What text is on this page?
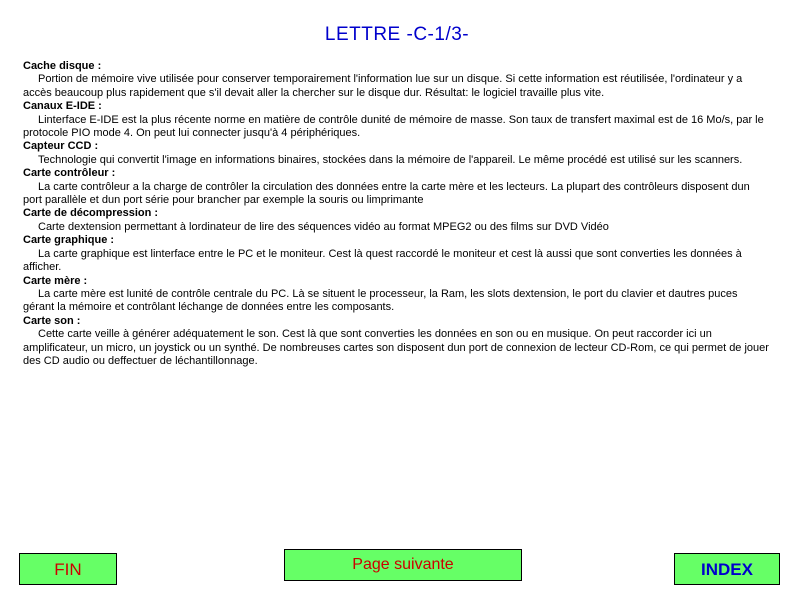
LETTRE -C-1/3-
Cache disque :
Portion de mémoire vive utilisée pour conserver temporairement l'information lue sur un disque. Si cette information est réutilisée, l'ordinateur y a accès beaucoup plus rapidement que s'il devait aller la chercher sur le disque dur. Résultat: le logiciel travaille plus vite.
Canaux E-IDE :
Linterface E-IDE est la plus récente norme en matière de contrôle dunité de mémoire de masse. Son taux de transfert maximal est de 16 Mo/s, par le protocole PIO mode 4. On peut lui connecter jusqu'à 4 périphériques.
Capteur CCD :
Technologie qui convertit l'image en informations binaires, stockées dans la mémoire de l'appareil. Le même procédé est utilisé sur les scanners.
Carte contrôleur :
La carte contrôleur a la charge de contrôler la circulation des données entre la carte mère et les lecteurs. La plupart des contrôleurs disposent dun port parallèle et dun port série pour brancher par exemple la souris ou limprimante
Carte de décompression :
Carte dextension permettant à lordinateur de lire des séquences vidéo au format MPEG2 ou des films sur DVD Vidéo
Carte graphique :
La carte graphique est linterface entre le PC et le moniteur. Cest là quest raccordé le moniteur et cest là aussi que sont converties les données à afficher.
Carte mère :
La carte mère est lunité de contrôle centrale du PC. Là se situent le processeur, la Ram, les slots dextension, le port du clavier et dautres puces gérant la mémoire et contrôlant léchange de données entre les composants.
Carte son :
Cette carte veille à générer adéquatement le son. Cest là que sont converties les données en son ou en musique. On peut raccorder ici un amplificateur, un micro, un joystick ou un synthé. De nombreuses cartes son disposent dun port de connexion de lecteur CD-Rom, ce qui permet de jouer des CD audio ou deffectuer de léchantillonnage.
FIN	Page suivante	INDEX
